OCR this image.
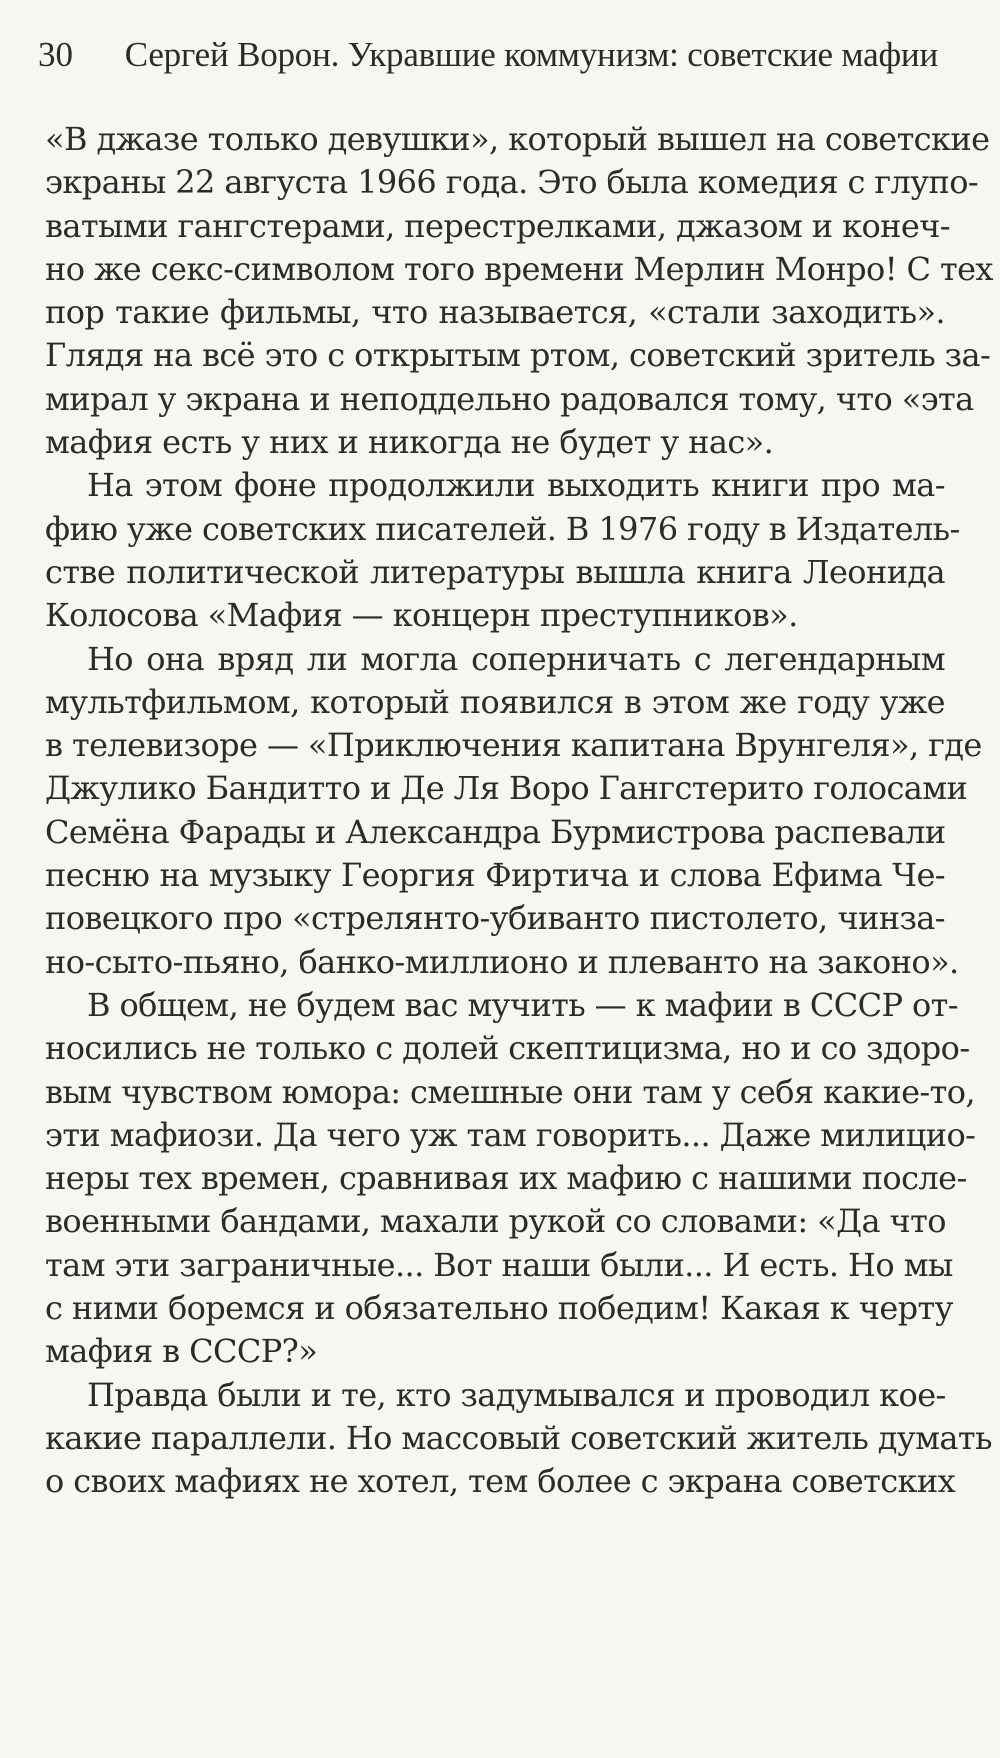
30 Сергей Ворон. Укравшие коммунизм: советские мафии
«В джазе только девушки», который вышел на советские
экраны 22 августа 1966 года. Это была комедия с глупо-
ватыми гангстерами, перестрелками, джазом и конеч-
но же секс-символом того времени Мерлин Монро! С тех
пор такие фильмы, что называется, «стали заходить».
Глядя на всё это с открытым ртом, советский зритель за-
мирал у экрана и неподдельно радовался тому, что «эта
мафия есть у них и никогда не будет у нас».
На этом фоне продолжили выходить книги про ма-
фию уже советских писателей. В 1976 году в Издатель-
стве политической литературы вышла книга Леонида
Колосова «Мафия — концерн преступников».
Но она вряд ли могла соперничать с легендарным
мультфильмом, который появился в этом же году уже
в телевизоре — «Приключения капитана Врунгеля», где
Джулико Бандитто и Де Ля Воро Гангстерито голосами
Семёна Фарады и Александра Бурмистрова распевали
песню на музыку Георгия Фиртича и слова Ефима Че-
повецкого про «стрелянто-убиванто пистолето, чинза-
но-сыто-пьяно, банко-миллионо и плеванто на законо».
В общем, не будем вас мучить — к мафии в СССР от-
носились не только с долей скептицизма, но и со здоро-
вым чувством юмора: смешные они там у себя какие-то,
эти мафиози. Да чего уж там говорить... Даже милицио-
неры тех времен, сравнивая их мафию с нашими после-
военными бандами, махали рукой со словами: «Да что
там эти заграничные... Вот наши были... И есть. Но мы
с ними боремся и обязательно победим! Какая к черту
мафия в СССР?»
Правда были и те, кто задумывался и проводил кое-
какие параллели. Но массовый советский житель думать
о своих мафиях не хотел, тем более с экрана советских
